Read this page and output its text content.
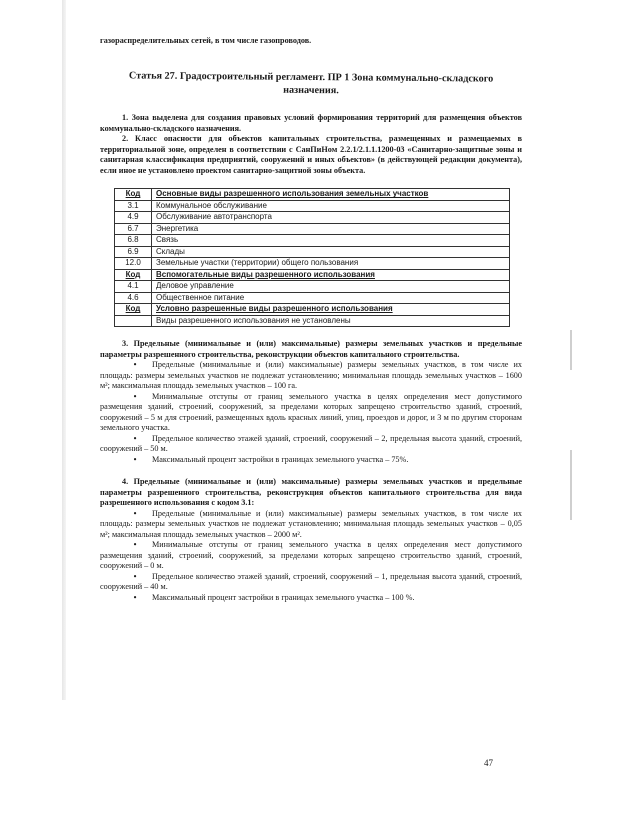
газораспределительных сетей, в том числе газопроводов.
Статья 27. Градостроительный регламент. ПР 1 Зона коммунально-складского назначения.

1. Зона выделена для создания правовых условий формирования территорий для размещения объектов коммунально-складского назначения.

2. Класс опасности для объектов капитальных строительства, размещенных и размещаемых в территориальной зоне, определен в соответствии с СанПиНом 2.2.1/2.1.1.1200-03 «Санитарно-защитные зоны и санитарная классификация предприятий, сооружений и иных объектов» (в действующей редакции документа), если иное не установлено проектом санитарно-защитной зоны объекта.

Код	Основные виды разрешенного использования земельных участков
3.1	Коммунальное обслуживание
4.9	Обслуживание автотранспорта
6.7	Энергетика
6.8	Связь
6.9	Склады
12.0	Земельные участки (территории) общего пользования
Код	Вспомогательные виды разрешенного использования
4.1	Деловое управление
4.6	Общественное питание
Код	Условно разрешенные виды разрешенного использования
	Виды разрешенного использования не установлены

3. Предельные (минимальные и (или) максимальные) размеры земельных участков и предельные параметры разрешенного строительства, реконструкции объектов капитального строительства.

• Предельные (минимальные и (или) максимальные) размеры земельных участков, в том числе их площадь: размеры земельных участков не подлежат установлению; минимальная площадь земельных участков – 1600 м²; максимальная площадь земельных участков – 100 га.

• Минимальные отступы от границ земельного участка в целях определения мест допустимого размещения зданий, строений, сооружений, за пределами которых запрещено строительство зданий, строений, сооружений – 5 м для строений, размещенных вдоль красных линий, улиц, проездов и дорог, и 3 м по другим сторонам земельного участка.

• Предельное количество этажей зданий, строений, сооружений – 2, предельная высота зданий, строений, сооружений – 50 м.

• Максимальный процент застройки в границах земельного участка – 75%.

4. Предельные (минимальные и (или) максимальные) размеры земельных участков и предельные параметры разрешенного строительства, реконструкция объектов капитального строительства для вида разрешенного использования с кодом 3.1:

• Предельные (минимальные и (или) максимальные) размеры земельных участков, в том числе их площадь: размеры земельных участков не подлежат установлению; минимальная площадь земельных участков – 0,05 м²; максимальная площадь земельных участков – 2000 м².

• Минимальные отступы от границ земельного участка в целях определения мест допустимого размещения зданий, строений, сооружений, за пределами которых запрещено строительство зданий, строений, сооружений – 0 м.

• Предельное количество этажей зданий, строений, сооружений – 1, предельная высота зданий, строений, сооружений – 40 м.

• Максимальный процент застройки в границах земельного участка – 100 %.

47
